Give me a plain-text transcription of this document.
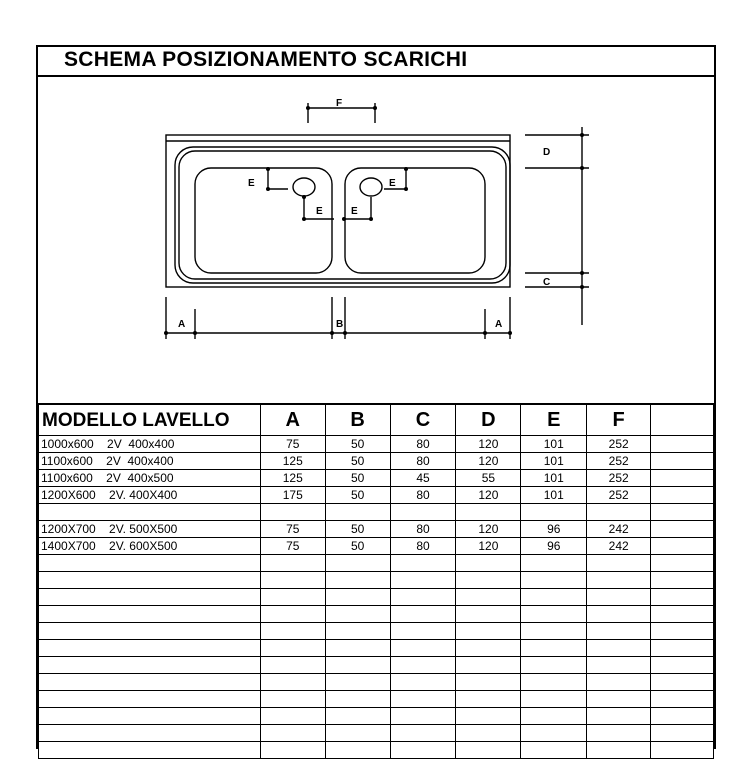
SCHEMA POSIZIONAMENTO SCARICHI
F
D
E
E
E
E
C
A	B	A
MODELLO LAVELLO	A	B	C	D	E	F	
1000x600    2V  400x400	75	50	80	120	101	252	
1100x600    2V  400x400	125	50	80	120	101	252	
1100x600    2V  400x500	125	50	45	55	101	252	
1200X600    2V. 400X400	175	50	80	120	101	252	

1200X700    2V. 500X500	75	50	80	120	96	242	
1400X700    2V. 600X500	75	50	80	120	96	242	
